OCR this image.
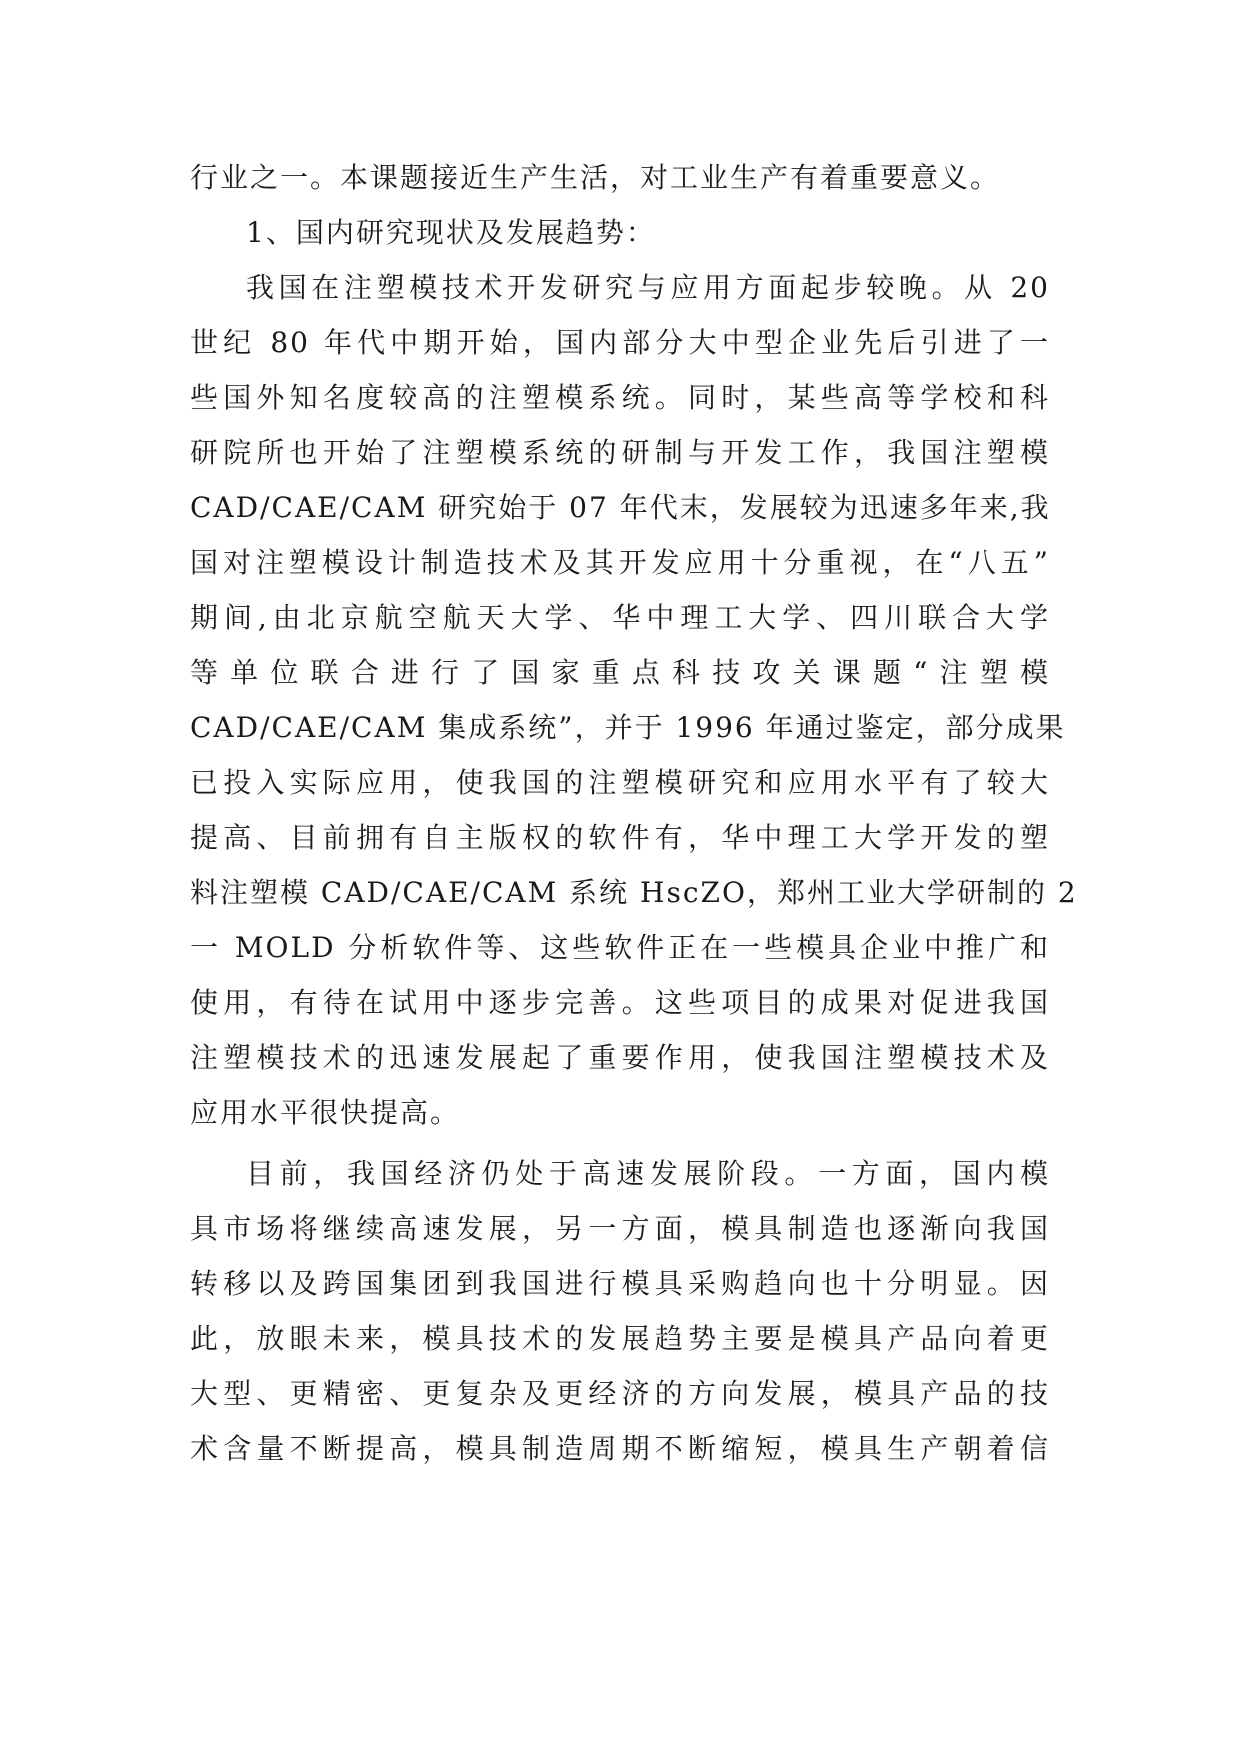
行业之一。本课题接近生产生活，对工业生产有着重要意义。
1、国内研究现状及发展趋势：
我国在注塑模技术开发研究与应用方面起步较晚。从 20
世纪 80 年代中期开始，国内部分大中型企业先后引进了一
些国外知名度较高的注塑模系统。同时，某些高等学校和科
研院所也开始了注塑模系统的研制与开发工作，我国注塑模
CAD/CAE/CAM 研究始于 07 年代末，发展较为迅速多年来,我
国对注塑模设计制造技术及其开发应用十分重视，在“八五”
期间,由北京航空航天大学、华中理工大学、四川联合大学
等单位联合进行了国家重点科技攻关课题“注塑模
CAD/CAE/CAM 集成系统”，并于 1996 年通过鉴定，部分成果
已投入实际应用，使我国的注塑模研究和应用水平有了较大
提高、目前拥有自主版权的软件有，华中理工大学开发的塑
料注塑模 CAD/CAE/CAM 系统 HscZO，郑州工业大学研制的 2
一 MOLD 分析软件等、这些软件正在一些模具企业中推广和
使用，有待在试用中逐步完善。这些项目的成果对促进我国
注塑模技术的迅速发展起了重要作用，使我国注塑模技术及
应用水平很快提高。
目前，我国经济仍处于高速发展阶段。一方面，国内模
具市场将继续高速发展，另一方面，模具制造也逐渐向我国
转移以及跨国集团到我国进行模具采购趋向也十分明显。因
此，放眼未来，模具技术的发展趋势主要是模具产品向着更
大型、更精密、更复杂及更经济的方向发展，模具产品的技
术含量不断提高，模具制造周期不断缩短，模具生产朝着信
